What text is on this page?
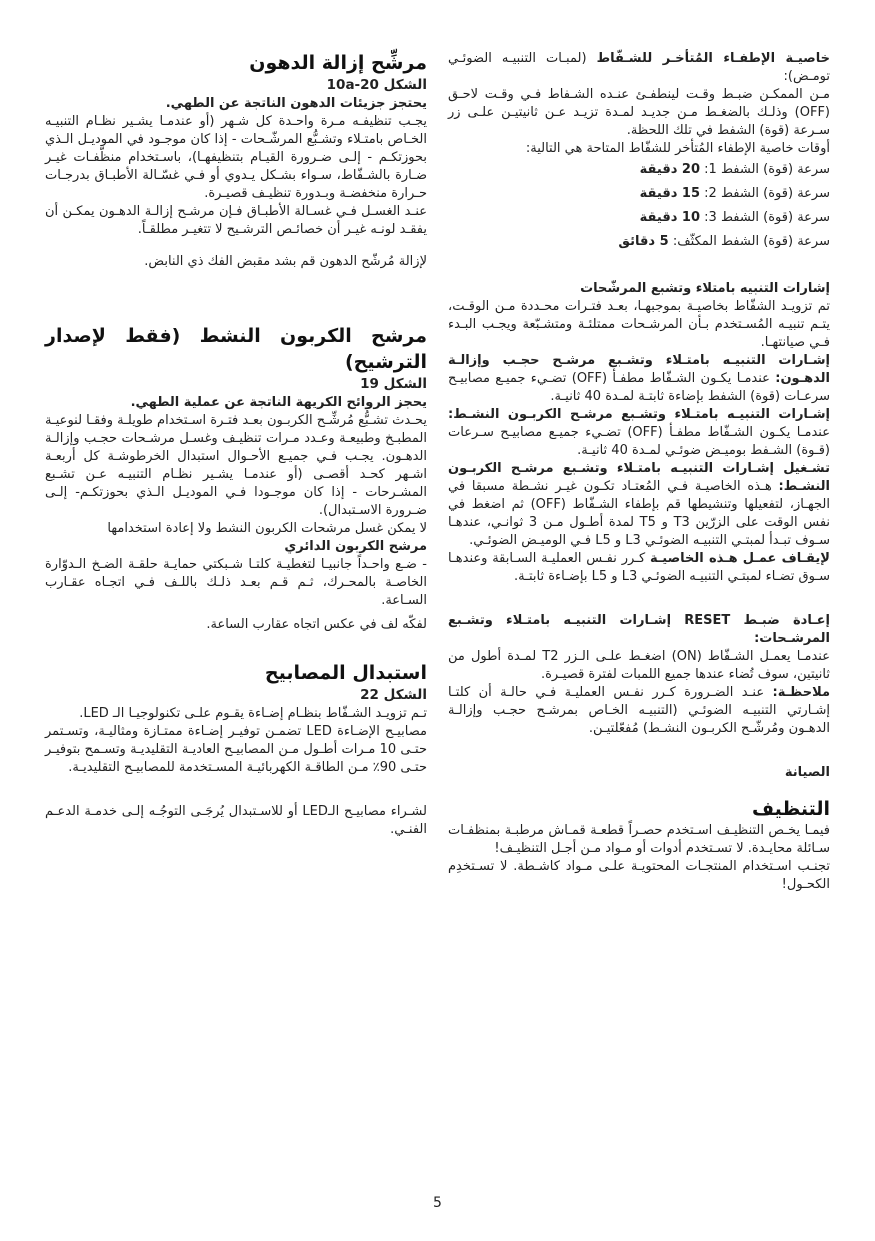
خاصيـة الإطفـاء المُتأخـر للشـفّاط (لمبـات التنبيـه الضوئـي تومـض):

مـن الممكـن ضبـط وقـت لينطفـئ عنـده الشـفاط فـي وقـت لاحـق (OFF) وذلـك بالضغـط مـن جديـد لمـدة تزيـد عـن ثانيتيـن علـى زر سـرعة (قوة) الشفط في تلك اللحظة.

أوقات خاصية الإطفاء المُتأخر للشفّاط المتاحة هي التالية:

سرعة (قوة) الشفط 1: 20 دقيقة

سرعة (قوة) الشفط 2: 15 دقيقة

سرعة (قوة) الشفط 3: 10 دقيقة

سرعة (قوة) الشفط المكثّف: 5 دقائق

إشارات التنبيه بامتلاء وتشبع المرشّحات

تم تزويـد الشفّاط بخاصيـة بموجبهـا، بعـد فتـرات محـددة مـن الوقـت، يتـم تنبيـه المُسـتخدم بـأن المرشـحات ممتلئـة ومتشـبّعة ويجـب البـدء فـي صيانتهـا.

إشـارات التنبيـه بامتـلاء وتشـبع مرشـح حجـب وإزالـة الدهـون: عندمـا يكـون الشـفّاط مطفـأ (OFF) تضـيء جميـع مصابيـح سرعـات (قوة) الشفط بإضاءة ثابتـة لمـدة 40 ثانيـة.

إشـارات التنبيـه بامتـلاء وتشـبع مرشـح الكربـون النشـط: عندمـا يكـون الشـفّاط مطفـأ (OFF) تضـيء جميـع مصابيـح سـرعات (قـوة) الشـفط بوميـض ضوئـي لمـدة 40 ثانيـة.

تشـغيل إشـارات التنبيـه بامتـلاء وتشـبع مرشـح الكربـون النشـط: هـذه الخاصيـة فـي المُعتـاد تكـون غيـر نشـطة مسبقا في الجهـاز، لتفعيلها وتنشيطها قم بإطفاء الشـفّاط (OFF) ثم اضغط في نفس الوقت على الزرّين T3 و T5 لمدة أطـول مـن 3 ثوانـي، عندهـا سـوف تبـدأ لمبتـي التنبيـه الضوئـي L3 و L5 فـي الوميـض الضوئـي.

لإيقـاف عمـل هـذه الخاصيـة كـرر نفـس العمليـة السـابقة وعندهـا سـوق تضـاء لمبتـي التنبيـه الضوئـي L3 و L5 بإضـاءة ثابتـة.

إعـادة ضبـط RESET إشـارات التنبيـه بامتـلاء وتشـبع المرشـحات:

عندمـا يعمـل الشـفّاط (ON) اضغـط علـى الـزر T2 لمـدة أطول من ثانيتين، سوف تُضاء عندها جميع اللمبات لفترة قصيـرة.

ملاحظـة: عنـد الضـرورة كـرر نفـس العمليـة فـي حالـة أن كلتـا إشـارتي التنبيـه الضوئـي (التنبيـه الخـاص بمرشـح حجـب وإزالـة الدهـون ومُرشّـح الكربـون النشـط) مُفعّلتيـن.

الصيانة

التنظيف

فيمـا يخـص التنظيـف اسـتخدم حصـراً قطعـة قمـاش مرطبـة بمنظفـات سـائلة محايـدة. لا تسـتخدم أدوات أو مـواد مـن أجـل التنظيـف!

تجنـب اسـتخدام المنتجـات المحتويـة علـى مـواد كاشـطة. لا تسـتخدِم الكحـول!

مرشِّح إزالة الدهون

الشكل 10a-20

يحتجز جزيئات الدهون الناتجة عن الطهي.

يجـب تنظيفـه مـرة واحـدة كل شـهر (أو عندمـا يشـير نظـام التنبيـه الخـاص بامتـلاء وتشـبُّع المرشّـحات - إذا كان موجـود في الموديـل الـذي بحوزتكـم - إلـى ضـرورة القيـام بتنظيفهـا)، باسـتخدام منظّفـات غيـر ضـارة بالشـفّاط، سـواء بشـكل يـدوي أو فـي غسّـالة الأطبـاق بدرجـات حـرارة منخفضـة وبـدورة تنظيـف قصيـرة.

عنـد الغسـل فـي غسـالة الأطبـاق فـإن مرشـح إزالـة الدهـون يمكـن أن يفقـد لونـه غيـر أن خصائـص الترشـيح لا تتغيـر مطلقـاً.

لإزالة مُرشّح الدهون قم بشد مقبض الفك ذي النابض.

مرشح الكربون النشط (فقط لإصدار الترشيح)

الشكل 19

يحجز الروائح الكريهة الناتجة عن عملية الطهي.

يحـدث تشـبُّع مُرشِّـح الكربـون بعـد فتـرة اسـتخدام طويلـة وفقـا لنوعيـة المطبـخ وطبيعـة وعـدد مـرات تنظيـف وغسـل مرشـحات حجـب وإزالـة الدهـون. يجـب فـي جميـع الأحـوال استبدال الخرطوشـة كل أربعـة اشـهر كحـد أقصـى (أو عندمـا يشـير نظـام التنبيـه عـن تشـبع المشـرحات - إذا كان موجـودا فـي الموديـل الـذي بحوزتكـم- إلـى ضـرورة الاسـتبدال).

لا يمكن غسل مرشحات الكربون النشط ولا إعادة استخدامها

مرشح الكربون الدائري

- ضـع واحـداً جانبيـا لتغطيـة كلتـا شـبكتي حمايـة حلقـة الضـخ الـدوّارة الخاصـة بالمحـرك، ثـم قـم بعـد ذلـك باللـف فـي اتجـاه عقـارب السـاعة.

لفكّه لف في عكس اتجاه عقارب الساعة.

استبدال المصابيح

الشكل 22

تـم تزويـد الشـفّاط بنظـام إضـاءة يقـوم علـى تكنولوجيـا الـ LED.

مصابيـح الإضـاءة LED تضمـن توفيـر إضـاءة ممتـازة ومثاليـة، وتسـتمر حتـى 10 مـرات أطـول مـن المصابيـح العاديـة التقليديـة وتسـمح بتوفيـر حتـى 90٪ مـن الطاقـة الكهربائيـة المسـتخدمة للمصابيـح التقليديـة.

لشـراء مصابيـح الـLED أو للاسـتبدال يُرجَـى التوجُـه إلـى خدمـة الدعـم الفنـي.

5
